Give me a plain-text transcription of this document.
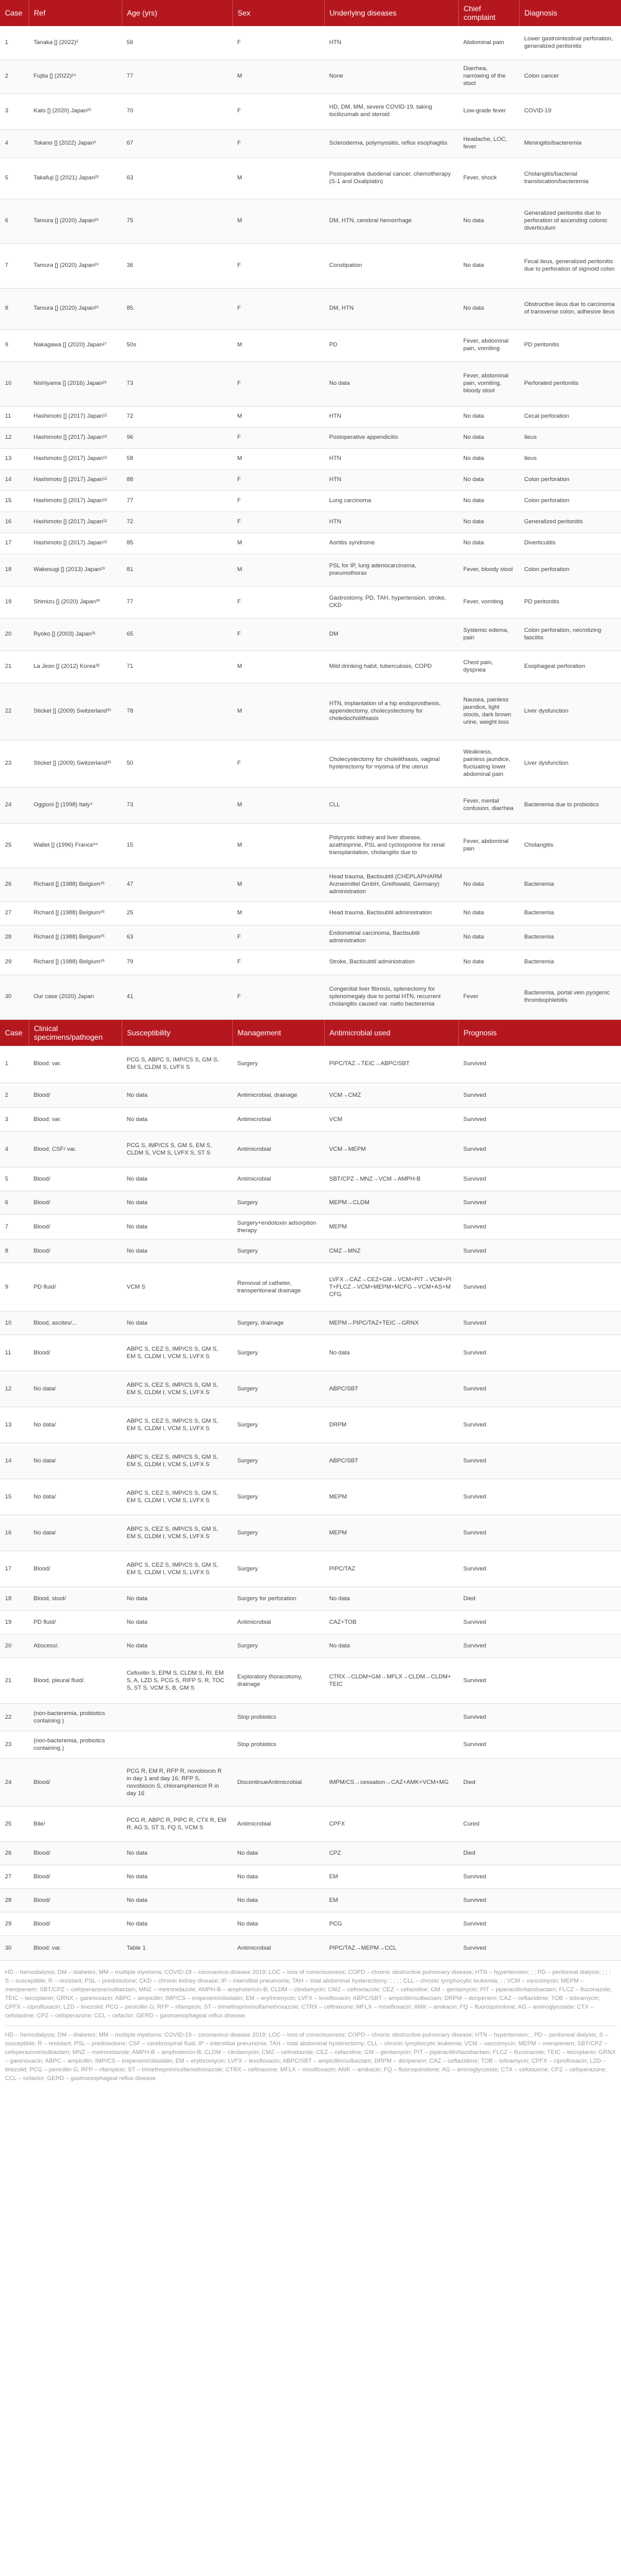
Case	Ref	Age (yrs)	Sex	Underlying diseases	Chief complaint	Diagnosis
1	Tanaka [] (2022)⁵	56	F	HTN	Abdominal pain	Lower gastrointestinal perforation, generalized peritonitis
2	Fujita [] (2022)²⁴	77	M	None	Diarrhea, narrowing of the stool	Colon cancer
3	Kato [] (2020) Japan²⁵	70	F	HD, DM, MM, severe COVID-19, taking tocilizumab and steroid	Low-grade fever	COVID-19
4	Tokano [] (2022) Japan⁶	67	F	Scleroderma, polymyositis, reflux esophagitis	Headache, LOC, fever	Meningitis/bacteremia
5	Takafuji [] (2021) Japan²⁵	63	M	Postoperative duodenal cancer, chemotherapy (S-1 and Oxaliplatin)	Fever, shock	Cholangitis/bacterial translocation/bacteremia
6	Tamura [] (2020) Japan²⁶	75	M	DM, HTN, cerebral hemorrhage	No data	Generalized peritonitis due to perforation of ascending colonic diverticulum
7	Tamura [] (2020) Japan²⁶	36	F	Constipation	No data	Fecal ileus, generalized peritonitis due to perforation of sigmoid colon
8	Tamura [] (2020) Japan²⁶	85	F	DM, HTN	No data	Obstructive ileus due to carcinoma of transverse colon, adhesive ileus
9	Nakagawa [] (2020) Japan²⁷	50s	M	PD	Fever, abdominal pain, vomiting	PD peritonitis
10	Nishiyama [] (2016) Japan²⁸	73	F	No data	Fever, abdominal pain, vomiting, bloody stool	Perforated peritonitis
11	Hashimoto [] (2017) Japan¹²	72	M	HTN	No data	Cecal perforation
12	Hashimoto [] (2017) Japan¹²	96	F	Postoperative appendicitis	No data	Ileus
13	Hashimoto [] (2017) Japan¹²	58	M	HTN	No data	Ileus
14	Hashimoto [] (2017) Japan¹²	88	F	HTN	No data	Colon perforation
15	Hashimoto [] (2017) Japan¹²	77	F	Lung carcinoma	No data	Colon perforation
16	Hashimoto [] (2017) Japan¹²	72	F	HTN	No data	Generalized peritonitis
17	Hashimoto [] (2017) Japan¹²	85	M	Aortitis syndrome	No data	Diverticulitis
18	Wakesugi [] (2013) Japan²⁹	81	M	PSL for IP, lung adenocarcinoma, pneumothorax	Fever, bloody stool	Colon perforation
19	Shimizu [] (2020) Japan³⁰	77	F	Gastrostomy, PD, TAH, hypertension, stroke, CKD	Fever, vomiting	PD peritonitis
20	Ryoko [] (2003) Japan³¹	65	F	DM	Systemic edema, pain	Colon perforation, necrotizing fasciitis
21	La Jeon [] (2012) Korea³²	71	M	Mild drinking habit, tuberculosis, COPD	Chest pain, dyspnea	Esophageal perforation
22	Sticket [] (2009) Switzerland³³	78	M	HTN, implantation of a hip endoprosthesis, appendectomy, cholecystectomy for choledocholithiasis	Nausea, painless jaundice, light stools, dark brown urine, weight loss	Liver dysfunction
23	Sticket [] (2009) Switzerland³³	50	F	Cholecystectomy for cholelithiasis, vaginal hysterectomy for myoma of the uterus	Weakness, painless jaundice, fluctuating lower abdominal pain	Liver dysfunction
24	Oggioni [] (1998) Italy⁴	73	M	CLL	Fever, mental confusion, diarrhea	Bacteremia due to probiotics
25	Wallet [] (1996) France³⁴	15	M	Polycystic kidney and liver disease, azathioprine, PSL and cyclosporine for renal transplantation, cholangitis due to	Fever, abdominal pain	Cholangitis
26	Richard [] (1988) Belgium³⁵	47	M	Head trauma, Bactisubtil (CHEPLAPHARM Arzneimittel GmbH, Greifswald, Germany) administration	No data	Bacteremia
27	Richard [] (1988) Belgium³⁵	25	M	Head trauma, Bactisubtil administration	No data	Bacteremia
28	Richard [] (1988) Belgium³⁵	63	F	Endometrial carcinoma, Bactisubtil administration	No data	Bacteremia
29	Richard [] (1988) Belgium³⁵	79	F	Stroke, Bactisubtil administration	No data	Bacteremia
30	Our case (2020) Japan	41	F	Congenital liver fibrosis, splenectomy for splenomegaly due to portal HTN, recurrent cholangitis caused var. natto bacteremia	Fever	Bacteremia, portal vein pyogenic thrombophlebitis
Case	Clinical specimens/pathogen	Susceptibility	Management	Antimicrobial used	Prognosis
1	Blood: var.	PCG S, ABPC S, IMP/CS S, GM S, EM S, CLDM S, LVFX S	Surgery	PIPC/TAZ→TEIC→ABPC/SBT	Survived
2	Blood/	No data	Antimicrobial, drainage	VCM→CMZ	Survived
3	Blood: var.	No data	Antimicrobial	VCM	Survived
4	Blood; CSF/ var.	PCG S, IMP/CS S, GM S, EM S, CLDM S, VCM S, LVFX S, ST S	Antimicrobial	VCM→MEPM	Survived
5	Blood/	No data	Antimicrobial	SBT/CPZ→MNZ→VCM→AMPH-B	Survived
6	Blood/	No data	Surgery	MEPM→CLDM	Survived
7	Blood/	No data	Surgery+endotoxin adsorption therapy	MEPM	Survived
8	Blood/	No data	Surgery	CMZ→MNZ	Survived
9	PD fluid/	VCM S	Removal of catheter, transperitoneal drainage	LVFX→CAZ→CEZ+GM→VCM+PIT→VCM+PIT+FLCZ→VCM+MEPM+MCFG→VCM+AS+MCFG	Survived
10	Blood, ascites/...	No data	Surgery, drainage	MEPM→PIPC/TAZ+TEIC→GRNX	Survived
11	Blood/	ABPC S, CEZ S, IMP/CS S, GM S, EM S, CLDM I, VCM S, LVFX S	Surgery	No data	Survived
12	No data/	ABPC S, CEZ S, IMP/CS S, GM S, EM S, CLDM I, VCM S, LVFX S	Surgery	ABPC/SBT	Survived
13	No data/	ABPC S, CEZ S, IMP/CS S, GM S, EM S, CLDM I, VCM S, LVFX S	Surgery	DRPM	Survived
14	No data/	ABPC S, CEZ S, IMP/CS S, GM S, EM S, CLDM I, VCM S, LVFX S	Surgery	ABPC/SBT	Survived
15	No data/	ABPC S, CEZ S, IMP/CS S, GM S, EM S, CLDM I, VCM S, LVFX S	Surgery	MEPM	Survived
16	No data/	ABPC S, CEZ S, IMP/CS S, GM S, EM S, CLDM I, VCM S, LVFX S	Surgery	MEPM	Survived
17	Blood/	ABPC S, CEZ S, IMP/CS S, GM S, EM S, CLDM I, VCM S, LVFX S	Surgery	PIPC/TAZ	Survived
18	Blood, stool/	No data	Surgery for perforation	No data	Died
19	PD fluid/	No data	Antimicrobial	CAZ+TOB	Survived
20	Abscess/.	No data	Surgery	No data	Survived
21	Blood, pleural fluid/.	Cefoxitin S, EPM S, CLDM S, RI, EM S, A, LZD S, PCG S, RIFP S, R, TOC S, ST S, VCM S, B, GM S	Exploratory thoracotomy, drainage	CTRX→CLDM+GM→MFLX→CLDM→CLDM+TEIC	Survived
22	(non-bacteremia, probiotics containing )		Stop probiotics		Survived
23	(non-bacteremia, probiotics containing )		Stop probiotics		Survived
24	Blood/	PCG R, EM R, RFP R, novobiocin R in day 1 and day 16; RFP S, novobiocin S, chloramphenicol R in day 16	DiscontinueAntimicrobial	IMPM/CS→cessation→CAZ+AMK+VCM+MG	Died
25	Bile/	PCG R, ABPC R, PIPC R, CTX R, EM R, AG S, ST S, FQ S, VCM S	Antimicrobial	CPFX	Cured
26	Blood/	No data	No data	CPZ	Died
27	Blood/	No data	No data	EM	Survived
28	Blood/	No data	No data	EM	Survived
29	Blood/	No data	No data	PCG	Survived
30	Blood: var.	Table 1	Antimicrobial	PIPC/TAZ→MEPM→CCL	Survived
HD – hemodialysis; DM – diabetes; MM – multiple myeloma; COVID-19 – coronavirus disease 2019; LOC – loss of consciousness; COPD – chronic obstructive pulmonary disease; HTN – hypertension; ; ; PD – peritoneal dialysis; ; ; ; S – susceptible; R – resistant; PSL – prednisolone; CKD – chronic kidney disease; IP – interstitial pneumonia; TAH – total abdominal hysterectomy; ; ; ; ; CLL – chronic lymphocytic leukemia; ; ; VCM – vancomycin; MEPM – meropenem; SBT/CPZ – cefoperazone/sulbactam; MNZ – metronidazole; AMPH-B – amphotericin-B; CLDM – clindamycin; CMZ – cefmetazole; CEZ – cefazoline; GM – gentamycin; PIT – piperacillin/tazobactam; FLCZ – fluconazole; TEIC – teicoplanin; GRNX – garenoxacin; ABPC – ampicillin; IMP/CS – imipenem/cilastatin; EM – erythromycin; LVFX – levofloxacin; ABPC/SBT – ampicillin/sulbactam; DRPM – doripenem; CAZ – ceftazidime; TOB – tobramycin; CPFX – ciprofloxacin; LZD – linezolid; PCG – penicillin G; RFP – rifampicin; ST – trimethoprim/sulfamethoxazole; CTRX – ceftriaxone; MFLX – moxifloxacin; AMK – amikacin; FQ – fluoroquinolone; AG – aminoglycoside; CTX – cefotaxime; CPZ – cefoperazone; CCL – cefaclor; GERD – gastroesophageal reflux disease.
HD – hemodialysis; DM – diabetes; MM – multiple myeloma; COVID-19 – coronavirus disease 2019; LOC – loss of consciousness; COPD – chronic obstructive pulmonary disease; HTN – hypertension; ; PD – peritoneal dialysis; S – susceptible; R – resistant; PSL – prednisolone; CSF – cerebrospinal fluid; IP – interstitial pneumonia; TAH – total abdominal hysterectomy; CLL – chronic lymphocytic leukemia; VCM – vancomycin; MEPM – meropenem; SBT/CPZ – cefoperazone/sulbactam; MNZ – metronidazole; AMPH-B – amphotericin-B; CLDM – clindamycin; CMZ – cefmetazole; CEZ – cefazoline; GM – gentamycin; PIT – piperacillin/tazobactam; FLCZ – fluconazole; TEIC – teicoplanin; GRNX – garenoxacin; ABPC – ampicillin; IMP/CS – imipenem/cilastatin; EM – erythromycin; LVFX – levofloxacin; ABPC/SBT – ampicillin/sulbactam; DRPM – doripenem; CAZ – ceftazidime; TOB – tobramycin; CPFX – ciprofloxacin; LZD – linezolid; PCG – penicillin G; RFP – rifampicin; ST – trimethoprim/sulfamethoxazole; CTRX – ceftriaxone; MFLX – moxifloxacin; AMK – amikacin; FQ – fluoroquinolone; AG – aminoglycoside; CTX – cefotaxime; CPZ – cefoperazone; CCL – cefaclor; GERD – gastroesophageal reflux disease.
